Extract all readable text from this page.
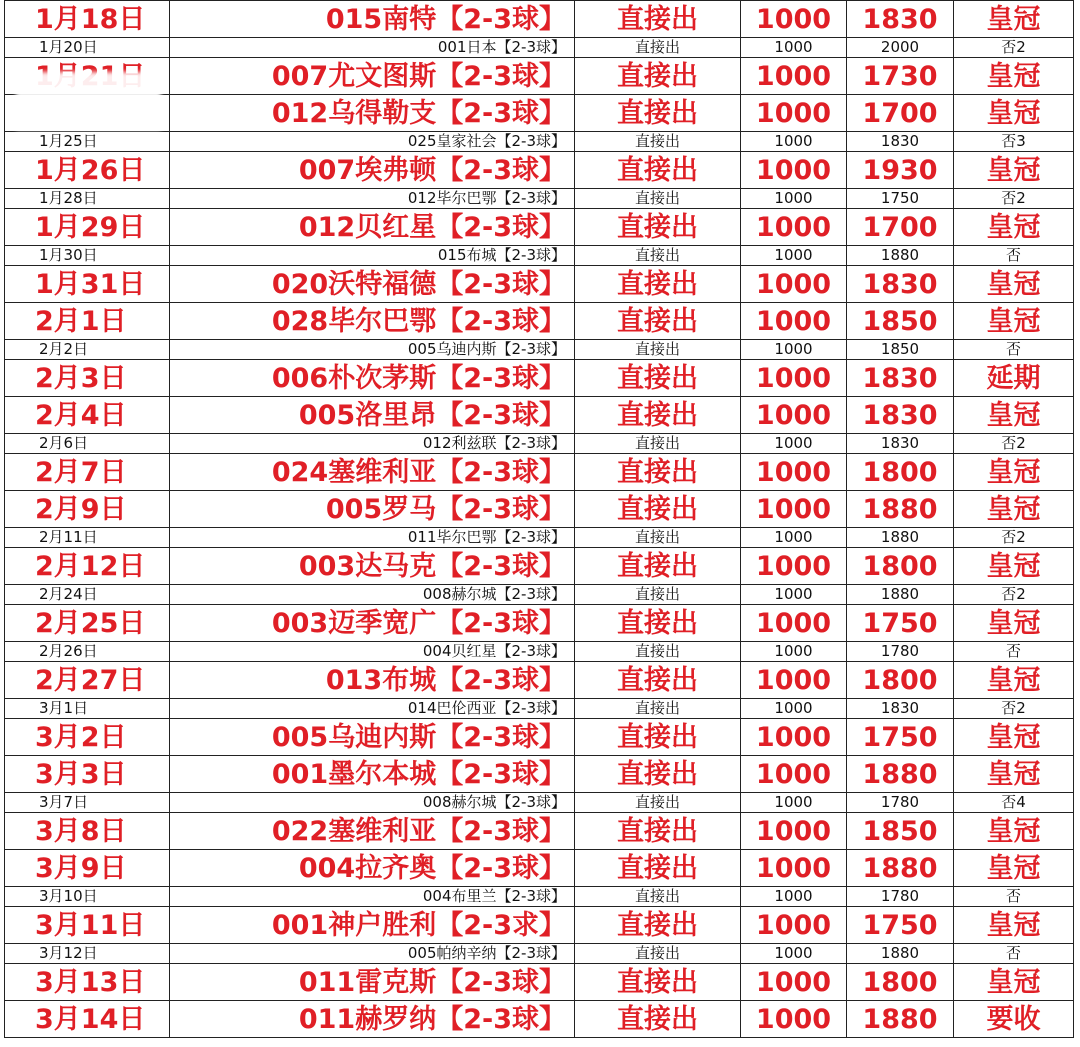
1月18日	015南特【2-3球】	直接出	1000	1830	皇冠
1月20日	001日本【2-3球】	直接出	1000	2000	否2
	007尤文图斯【2-3球】	直接出	1000	1730	皇冠
	012乌得勒支【2-3球】	直接出	1000	1700	皇冠
1月25日	025皇家社会【2-3球】	直接出	1000	1830	否3
1月26日	007埃弗顿【2-3球】	直接出	1000	1930	皇冠
1月28日	012毕尔巴鄂【2-3球】	直接出	1000	1750	否2
1月29日	012贝红星【2-3球】	直接出	1000	1700	皇冠
1月30日	015布城【2-3球】	直接出	1000	1880	否
1月31日	020沃特福德【2-3球】	直接出	1000	1830	皇冠
2月1日	028毕尔巴鄂【2-3球】	直接出	1000	1850	皇冠
2月2日	005乌迪内斯【2-3球】	直接出	1000	1850	否
2月3日	006朴次茅斯【2-3球】	直接出	1000	1830	延期
2月4日	005洛里昂【2-3球】	直接出	1000	1830	皇冠
2月6日	012利兹联【2-3球】	直接出	1000	1830	否2
2月7日	024塞维利亚【2-3球】	直接出	1000	1800	皇冠
2月9日	005罗马【2-3球】	直接出	1000	1880	皇冠
2月11日	011毕尔巴鄂【2-3球】	直接出	1000	1880	否2
2月12日	003达马克【2-3球】	直接出	1000	1800	皇冠
2月24日	008赫尔城【2-3球】	直接出	1000	1880	否2
2月25日	003迈季宽广【2-3球】	直接出	1000	1750	皇冠
2月26日	004贝红星【2-3球】	直接出	1000	1780	否
2月27日	013布城【2-3球】	直接出	1000	1800	皇冠
3月1日	014巴伦西亚【2-3球】	直接出	1000	1830	否2
3月2日	005乌迪内斯【2-3球】	直接出	1000	1750	皇冠
3月3日	001墨尔本城【2-3球】	直接出	1000	1880	皇冠
3月7日	008赫尔城【2-3球】	直接出	1000	1780	否4
3月8日	022塞维利亚【2-3球】	直接出	1000	1850	皇冠
3月9日	004拉齐奥【2-3球】	直接出	1000	1880	皇冠
3月10日	004布里兰【2-3球】	直接出	1000	1780	否
3月11日	001神户胜利【2-3求】	直接出	1000	1750	皇冠
3月12日	005帕纳辛纳【2-3球】	直接出	1000	1880	否
3月13日	011雷克斯【2-3球】	直接出	1000	1800	皇冠
3月14日	011赫罗纳【2-3球】	直接出	1000	1880	要收
